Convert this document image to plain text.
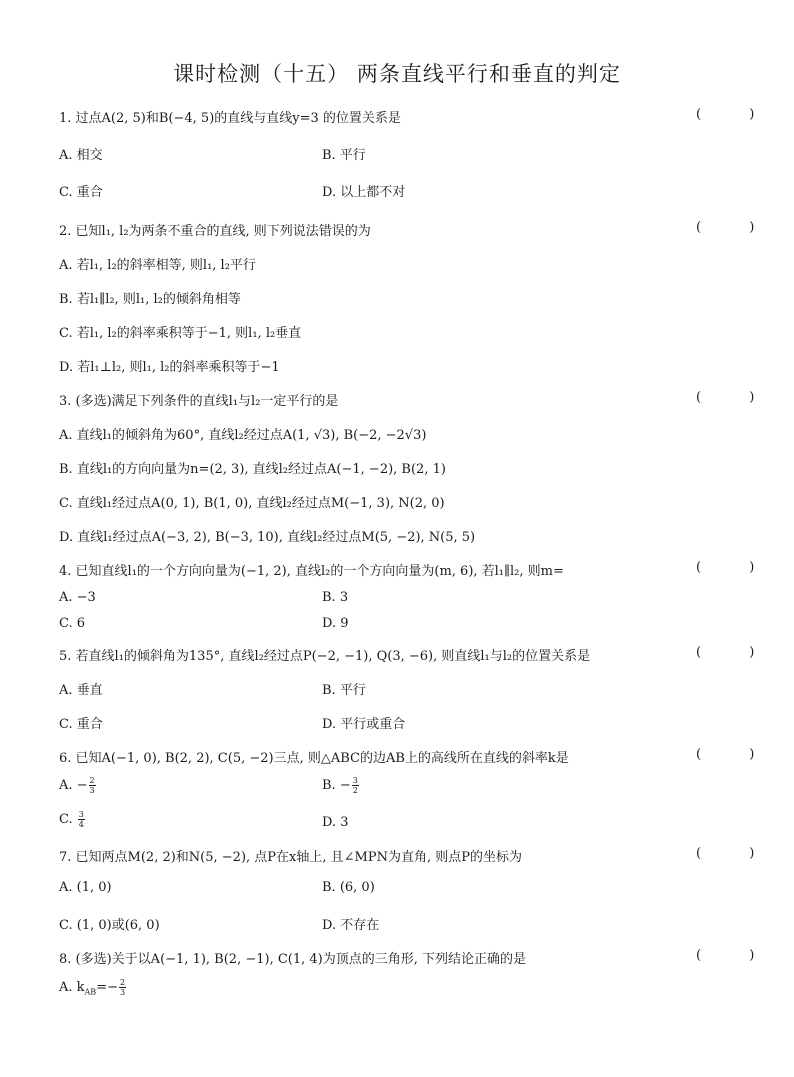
课时检测（十五） 两条直线平行和垂直的判定
1. 过点A(2, 5)和B(−4, 5)的直线与直线y=3 的位置关系是	( )
A. 相交	B. 平行
C. 重合	D. 以上都不对
2. 已知l₁, l₂为两条不重合的直线, 则下列说法错误的为	( )
A. 若l₁, l₂的斜率相等, 则l₁, l₂平行
B. 若l₁∥l₂, 则l₁, l₂的倾斜角相等
C. 若l₁, l₂的斜率乘积等于−1, 则l₁, l₂垂直
D. 若l₁⊥l₂, 则l₁, l₂的斜率乘积等于−1
3. (多选)满足下列条件的直线l₁与l₂一定平行的是	( )
A. 直线l₁的倾斜角为60°, 直线l₂经过点A(1, √3), B(−2, −2√3)
B. 直线l₁的方向向量为n=(2, 3), 直线l₂经过点A(−1, −2), B(2, 1)
C. 直线l₁经过点A(0, 1), B(1, 0), 直线l₂经过点M(−1, 3), N(2, 0)
D. 直线l₁经过点A(−3, 2), B(−3, 10), 直线l₂经过点M(5, −2), N(5, 5)
4. 已知直线l₁的一个方向向量为(−1, 2), 直线l₂的一个方向向量为(m, 6), 若l₁∥l₂, 则m=	( )
A. −3	B. 3
C. 6	D. 9
5. 若直线l₁的倾斜角为135°, 直线l₂经过点P(−2, −1), Q(3, −6), 则直线l₁与l₂的位置关系是	( )
A. 垂直	B. 平行
C. 重合	D. 平行或重合
6. 已知A(−1, 0), B(2, 2), C(5, −2)三点, 则△ABC的边AB上的高线所在直线的斜率k是	( )
A. − $\frac{2}{3}$	B. − $\frac{3}{2}$
C. $\frac{3}{4}$	D. 3
7. 已知两点M(2, 2)和N(5, −2), 点P在x轴上, 且∠MPN为直角, 则点P的坐标为	( )
A. (1, 0)	B. (6, 0)
C. (1, 0)或(6, 0)	D. 不存在
8. (多选)关于以A(−1, 1), B(2, −1), C(1, 4)为顶点的三角形, 下列结论正确的是	( )
A. $k_{AB}=- \frac{2}{3}$
